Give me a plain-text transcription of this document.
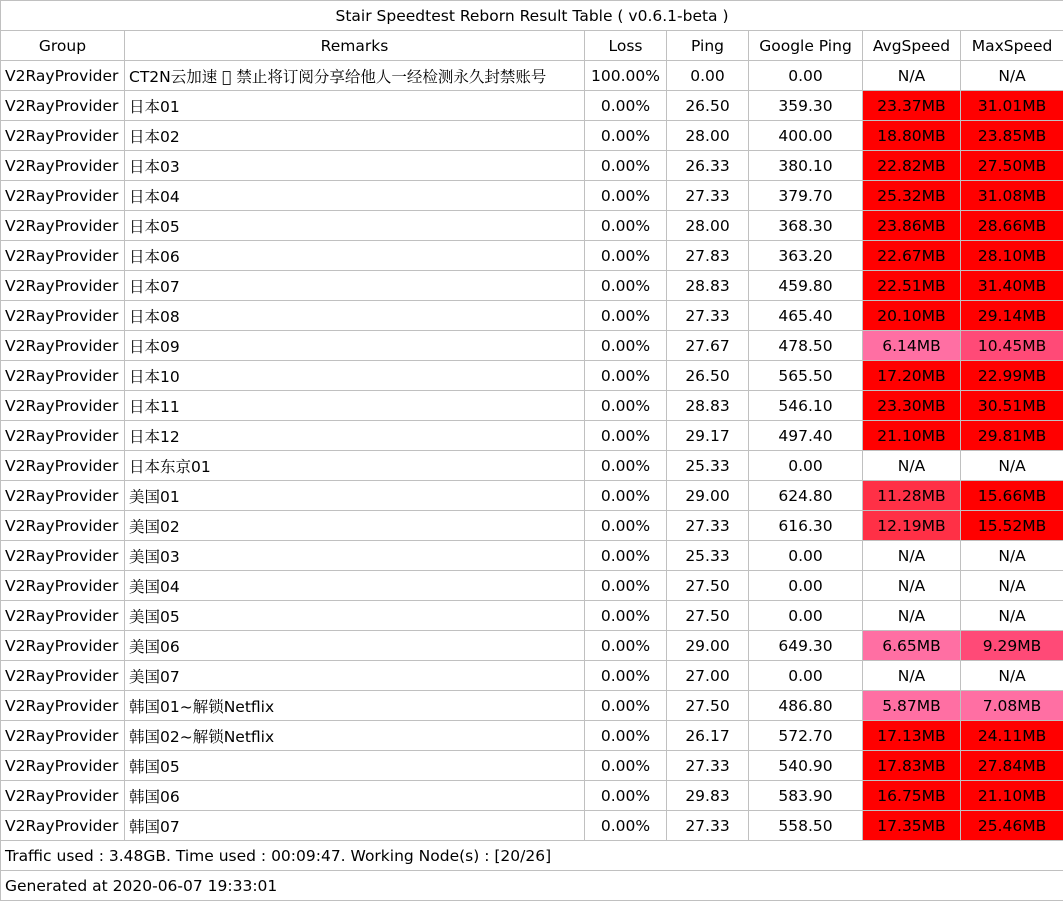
Stair Speedtest Reborn Result Table ( v0.6.1-beta )						
Group	Remarks	Loss	Ping	Google Ping	AvgSpeed	MaxSpeed
V2RayProvider	CT2N云加速   禁止将订阅分享给他人一经检测永久封禁账号	100.00%	0.00	0.00	N/A	N/A
V2RayProvider	日本01	0.00%	26.50	359.30	23.37MB	31.01MB
V2RayProvider	日本02	0.00%	28.00	400.00	18.80MB	23.85MB
V2RayProvider	日本03	0.00%	26.33	380.10	22.82MB	27.50MB
V2RayProvider	日本04	0.00%	27.33	379.70	25.32MB	31.08MB
V2RayProvider	日本05	0.00%	28.00	368.30	23.86MB	28.66MB
V2RayProvider	日本06	0.00%	27.83	363.20	22.67MB	28.10MB
V2RayProvider	日本07	0.00%	28.83	459.80	22.51MB	31.40MB
V2RayProvider	日本08	0.00%	27.33	465.40	20.10MB	29.14MB
V2RayProvider	日本09	0.00%	27.67	478.50	6.14MB	10.45MB
V2RayProvider	日本10	0.00%	26.50	565.50	17.20MB	22.99MB
V2RayProvider	日本11	0.00%	28.83	546.10	23.30MB	30.51MB
V2RayProvider	日本12	0.00%	29.17	497.40	21.10MB	29.81MB
V2RayProvider	日本东京01	0.00%	25.33	0.00	N/A	N/A
V2RayProvider	美国01	0.00%	29.00	624.80	11.28MB	15.66MB
V2RayProvider	美国02	0.00%	27.33	616.30	12.19MB	15.52MB
V2RayProvider	美国03	0.00%	25.33	0.00	N/A	N/A
V2RayProvider	美国04	0.00%	27.50	0.00	N/A	N/A
V2RayProvider	美国05	0.00%	27.50	0.00	N/A	N/A
V2RayProvider	美国06	0.00%	29.00	649.30	6.65MB	9.29MB
V2RayProvider	美国07	0.00%	27.00	0.00	N/A	N/A
V2RayProvider	韩国01~解锁Netflix	0.00%	27.50	486.80	5.87MB	7.08MB
V2RayProvider	韩国02~解锁Netflix	0.00%	26.17	572.70	17.13MB	24.11MB
V2RayProvider	韩国05	0.00%	27.33	540.90	17.83MB	27.84MB
V2RayProvider	韩国06	0.00%	29.83	583.90	16.75MB	21.10MB
V2RayProvider	韩国07	0.00%	27.33	558.50	17.35MB	25.46MB
Traffic used : 3.48GB. Time used : 00:09:47. Working Node(s) : [20/26]						
Generated at 2020-06-07 19:33:01						
